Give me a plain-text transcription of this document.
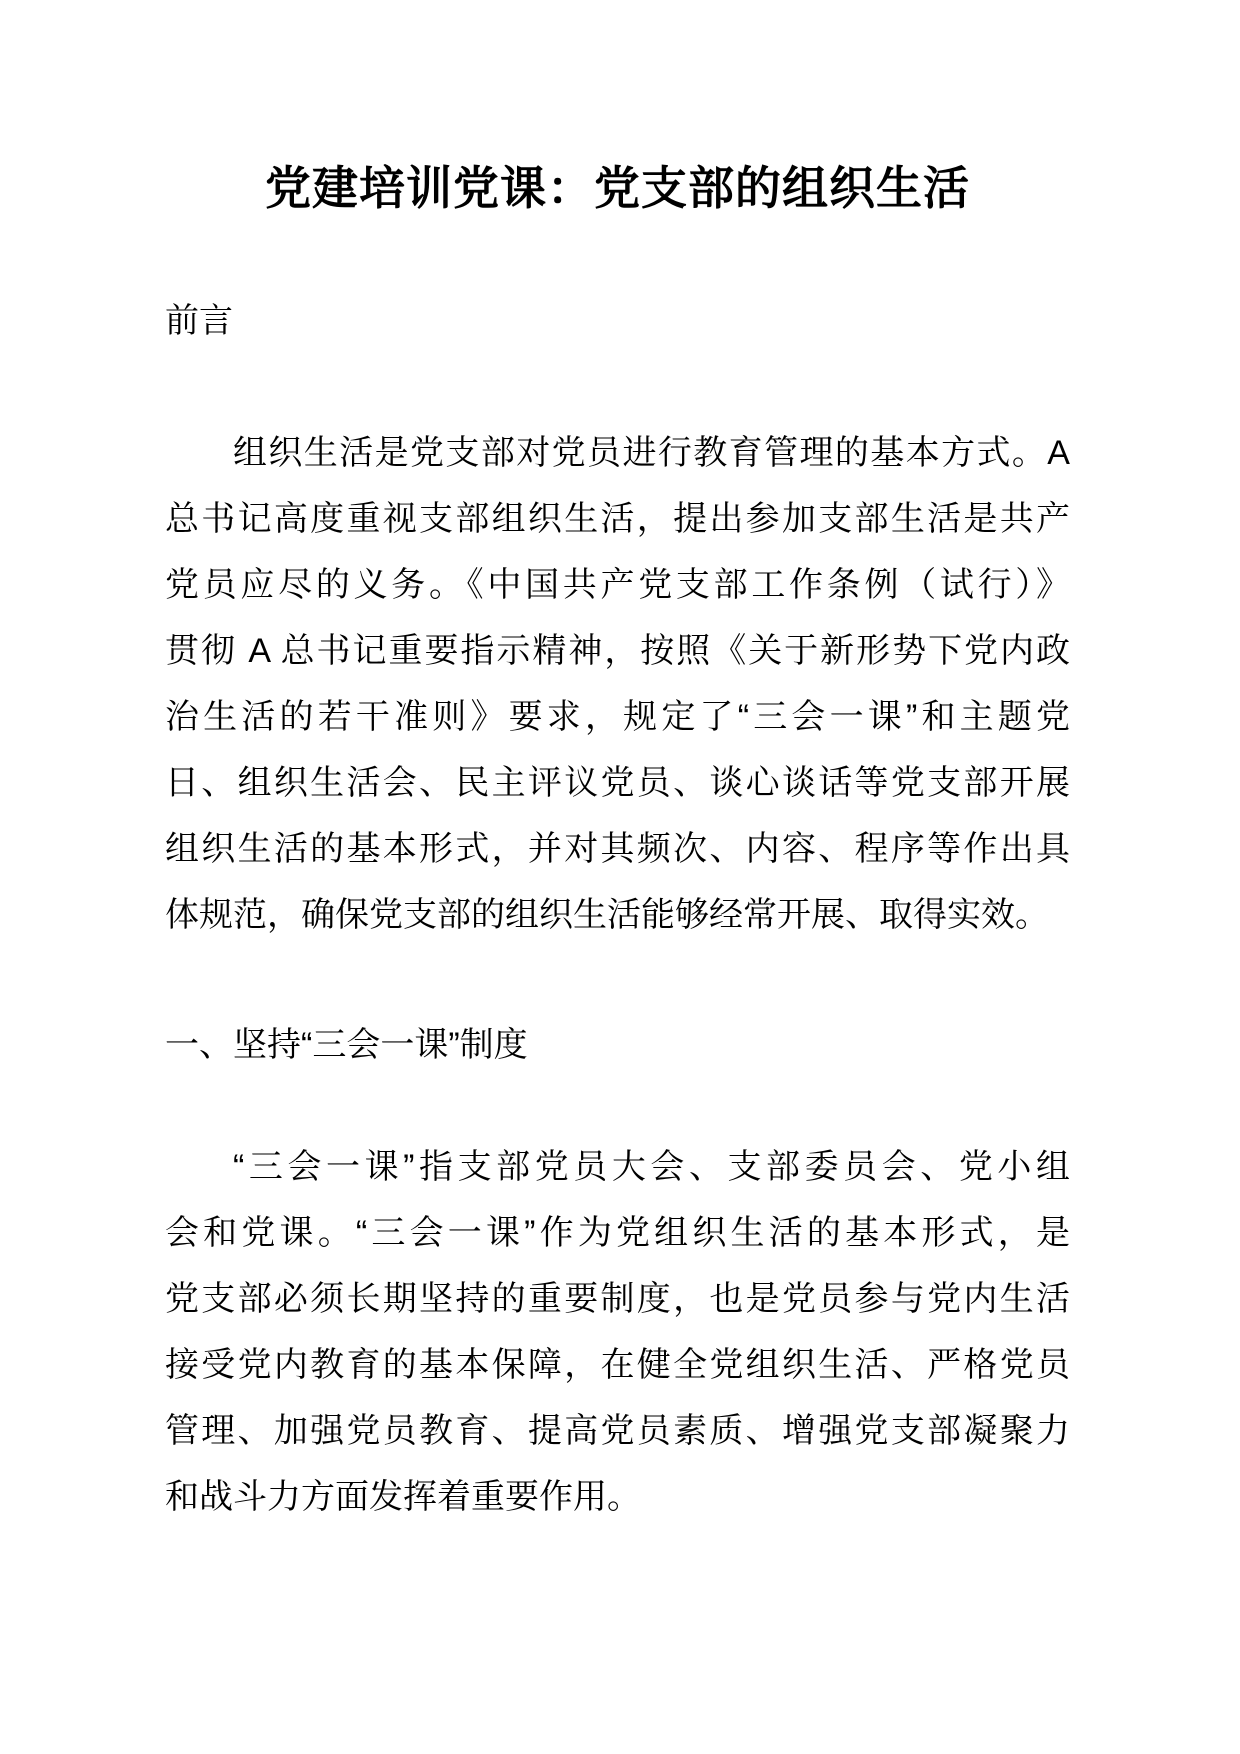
党建培训党课：党支部的组织生活

前言

组织生活是党支部对党员进行教育管理的基本方式。A
总书记高度重视支部组织生活，提出参加支部生活是共产
党员应尽的义务。《中国共产党支部工作条例（试行）》
贯彻 A 总书记重要指示精神，按照《关于新形势下党内政
治生活的若干准则》要求，规定了“三会一课”和主题党
日、组织生活会、民主评议党员、谈心谈话等党支部开展
组织生活的基本形式，并对其频次、内容、程序等作出具
体规范，确保党支部的组织生活能够经常开展、取得实效。
一、坚持“三会一课”制度
“三会一课”指支部党员大会、支部委员会、党小组
会和党课。“三会一课”作为党组织生活的基本形式，是
党支部必须长期坚持的重要制度，也是党员参与党内生活
接受党内教育的基本保障，在健全党组织生活、严格党员
管理、加强党员教育、提高党员素质、增强党支部凝聚力
和战斗力方面发挥着重要作用。
